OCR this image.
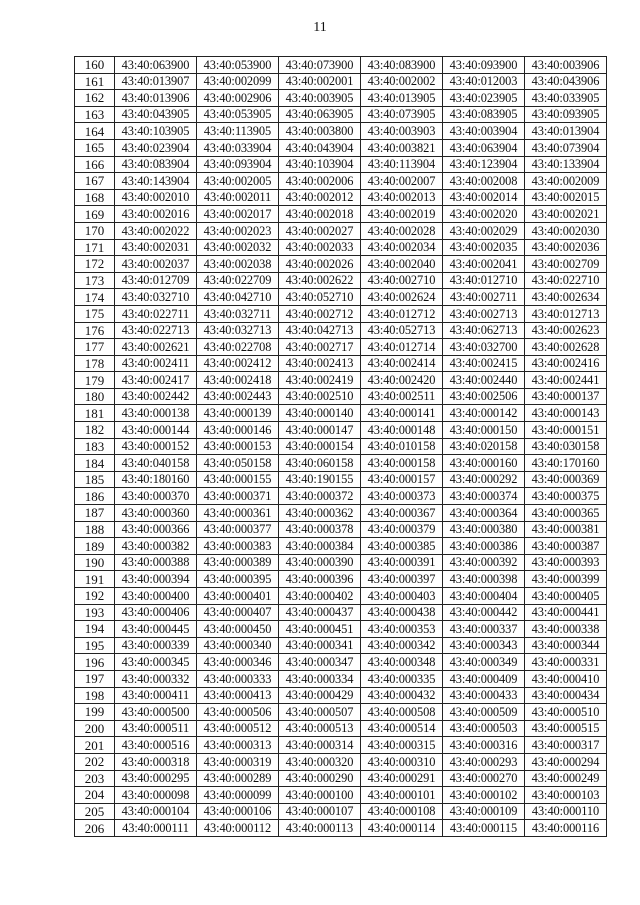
11
160	43:40:063900	43:40:053900	43:40:073900	43:40:083900	43:40:093900	43:40:003906
161	43:40:013907	43:40:002099	43:40:002001	43:40:002002	43:40:012003	43:40:043906
162	43:40:013906	43:40:002906	43:40:003905	43:40:013905	43:40:023905	43:40:033905
163	43:40:043905	43:40:053905	43:40:063905	43:40:073905	43:40:083905	43:40:093905
164	43:40:103905	43:40:113905	43:40:003800	43:40:003903	43:40:003904	43:40:013904
165	43:40:023904	43:40:033904	43:40:043904	43:40:003821	43:40:063904	43:40:073904
166	43:40:083904	43:40:093904	43:40:103904	43:40:113904	43:40:123904	43:40:133904
167	43:40:143904	43:40:002005	43:40:002006	43:40:002007	43:40:002008	43:40:002009
168	43:40:002010	43:40:002011	43:40:002012	43:40:002013	43:40:002014	43:40:002015
169	43:40:002016	43:40:002017	43:40:002018	43:40:002019	43:40:002020	43:40:002021
170	43:40:002022	43:40:002023	43:40:002027	43:40:002028	43:40:002029	43:40:002030
171	43:40:002031	43:40:002032	43:40:002033	43:40:002034	43:40:002035	43:40:002036
172	43:40:002037	43:40:002038	43:40:002026	43:40:002040	43:40:002041	43:40:002709
173	43:40:012709	43:40:022709	43:40:002622	43:40:002710	43:40:012710	43:40:022710
174	43:40:032710	43:40:042710	43:40:052710	43:40:002624	43:40:002711	43:40:002634
175	43:40:022711	43:40:032711	43:40:002712	43:40:012712	43:40:002713	43:40:012713
176	43:40:022713	43:40:032713	43:40:042713	43:40:052713	43:40:062713	43:40:002623
177	43:40:002621	43:40:022708	43:40:002717	43:40:012714	43:40:032700	43:40:002628
178	43:40:002411	43:40:002412	43:40:002413	43:40:002414	43:40:002415	43:40:002416
179	43:40:002417	43:40:002418	43:40:002419	43:40:002420	43:40:002440	43:40:002441
180	43:40:002442	43:40:002443	43:40:002510	43:40:002511	43:40:002506	43:40:000137
181	43:40:000138	43:40:000139	43:40:000140	43:40:000141	43:40:000142	43:40:000143
182	43:40:000144	43:40:000146	43:40:000147	43:40:000148	43:40:000150	43:40:000151
183	43:40:000152	43:40:000153	43:40:000154	43:40:010158	43:40:020158	43:40:030158
184	43:40:040158	43:40:050158	43:40:060158	43:40:000158	43:40:000160	43:40:170160
185	43:40:180160	43:40:000155	43:40:190155	43:40:000157	43:40:000292	43:40:000369
186	43:40:000370	43:40:000371	43:40:000372	43:40:000373	43:40:000374	43:40:000375
187	43:40:000360	43:40:000361	43:40:000362	43:40:000367	43:40:000364	43:40:000365
188	43:40:000366	43:40:000377	43:40:000378	43:40:000379	43:40:000380	43:40:000381
189	43:40:000382	43:40:000383	43:40:000384	43:40:000385	43:40:000386	43:40:000387
190	43:40:000388	43:40:000389	43:40:000390	43:40:000391	43:40:000392	43:40:000393
191	43:40:000394	43:40:000395	43:40:000396	43:40:000397	43:40:000398	43:40:000399
192	43:40:000400	43:40:000401	43:40:000402	43:40:000403	43:40:000404	43:40:000405
193	43:40:000406	43:40:000407	43:40:000437	43:40:000438	43:40:000442	43:40:000441
194	43:40:000445	43:40:000450	43:40:000451	43:40:000353	43:40:000337	43:40:000338
195	43:40:000339	43:40:000340	43:40:000341	43:40:000342	43:40:000343	43:40:000344
196	43:40:000345	43:40:000346	43:40:000347	43:40:000348	43:40:000349	43:40:000331
197	43:40:000332	43:40:000333	43:40:000334	43:40:000335	43:40:000409	43:40:000410
198	43:40:000411	43:40:000413	43:40:000429	43:40:000432	43:40:000433	43:40:000434
199	43:40:000500	43:40:000506	43:40:000507	43:40:000508	43:40:000509	43:40:000510
200	43:40:000511	43:40:000512	43:40:000513	43:40:000514	43:40:000503	43:40:000515
201	43:40:000516	43:40:000313	43:40:000314	43:40:000315	43:40:000316	43:40:000317
202	43:40:000318	43:40:000319	43:40:000320	43:40:000310	43:40:000293	43:40:000294
203	43:40:000295	43:40:000289	43:40:000290	43:40:000291	43:40:000270	43:40:000249
204	43:40:000098	43:40:000099	43:40:000100	43:40:000101	43:40:000102	43:40:000103
205	43:40:000104	43:40:000106	43:40:000107	43:40:000108	43:40:000109	43:40:000110
206	43:40:000111	43:40:000112	43:40:000113	43:40:000114	43:40:000115	43:40:000116
